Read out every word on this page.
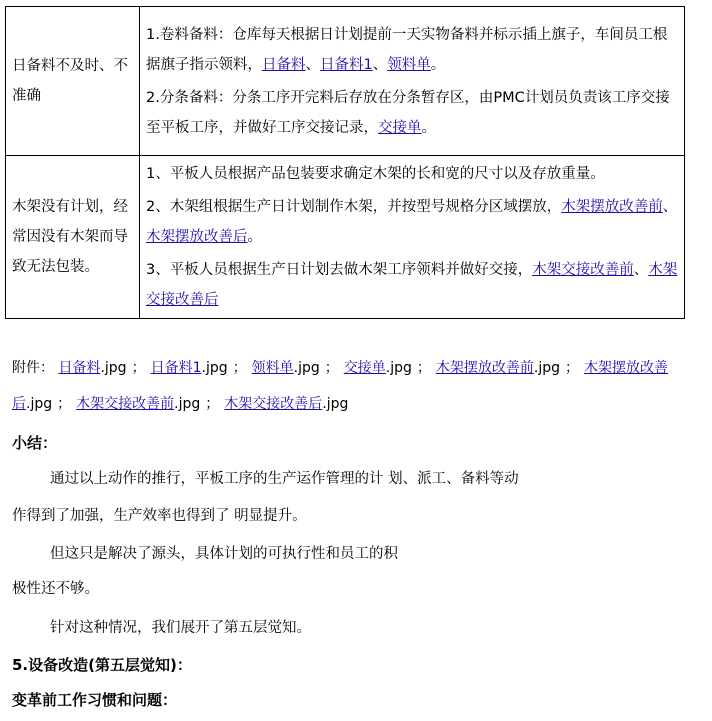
日备料不及时、不准确	1.卷料备料：仓库每天根据日计划提前一天实物备料并标示插上旗子，车间员工根据旗子指示领料，日备料、日备料1、领料单。
2.分条备料：分条工序开完料后存放在分条暂存区，由PMC计划员负责该工序交接至平板工序，并做好工序交接记录，交接单。

木架没有计划，经常因没有木架而导致无法包装。	1、平板人员根据产品包装要求确定木架的长和宽的尺寸以及存放重量。
2、木架组根据生产日计划制作木架，并按型号规格分区域摆放，木架摆放改善前、木架摆放改善后。
3、平板人员根据生产日计划去做木架工序领料并做好交接，木架交接改善前、木架交接改善后
附件： 日备料.jpg ； 日备料1.jpg ； 领料单.jpg ； 交接单.jpg ； 木架摆放改善前.jpg ； 木架摆放改善后.jpg ； 木架交接改善前.jpg ； 木架交接改善后.jpg
小结：
通过以上动作的推行，平板工序的生产运作管理的计 划、派工、备料等动
作得到了加强，生产效率也得到了 明显提升。
但这只是解决了源头，具体计划的可执行性和员工的积
极性还不够。
针对这种情况，我们展开了第五层觉知。
5.设备改造(第五层觉知)：
变革前工作习惯和问题：
